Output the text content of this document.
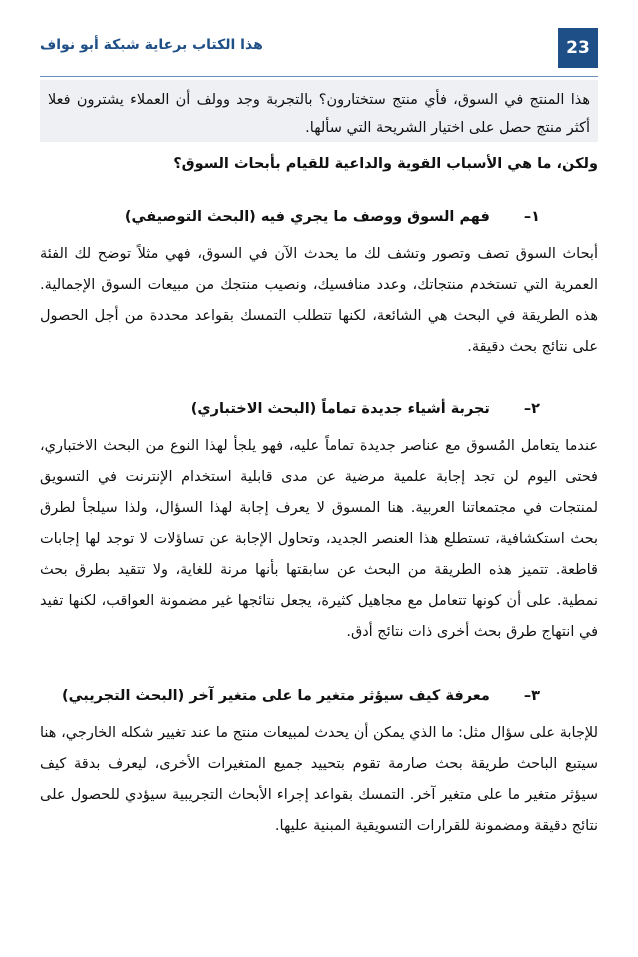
23
هذا الكتاب برعاية شبكة أبو نواف

هذا المنتج في السوق، فأي منتج ستختارون؟ بالتجربة وجد وولف أن العملاء يشترون فعلا أكثر منتج حصل على اختيار الشريحة التي سألها.

ولكن، ما هي الأسباب القوية والداعية للقيام بأبحاث السوق؟

١–
فهم السوق ووصف ما يجري فيه (البحث التوصيفي)

أبحاث السوق تصف وتصور وتشف لك ما يحدث الآن في السوق، فهي مثلاً توضح لك الفئة العمرية التي تستخدم منتجاتك، وعدد منافسيك، ونصيب منتجك من مبيعات السوق الإجمالية. هذه الطريقة في البحث هي الشائعة، لكنها تتطلب التمسك بقواعد محددة من أجل الحصول على نتائج بحث دقيقة.

٢–
تجربة أشياء جديدة تماماً (البحث الاختباري)

عندما يتعامل المُسوق مع عناصر جديدة تماماً عليه، فهو يلجأ لهذا النوع من البحث الاختباري، فحتى اليوم لن تجد إجابة علمية مرضية عن مدى قابلية استخدام الإنترنت في التسويق لمنتجات في مجتمعاتنا العربية. هنا المسوق لا يعرف إجابة لهذا السؤال، ولذا سيلجأ لطرق بحث استكشافية، تستطلع هذا العنصر الجديد، وتحاول الإجابة عن تساؤلات لا توجد لها إجابات قاطعة. تتميز هذه الطريقة من البحث عن سابقتها بأنها مرنة للغاية، ولا تتقيد بطرق بحث نمطية. على أن كونها تتعامل مع مجاهيل كثيرة، يجعل نتائجها غير مضمونة العواقب، لكنها تفيد في انتهاج طرق بحث أخرى ذات نتائج أدق.

٣–
معرفة كيف سيؤثر متغير ما على متغير آخر (البحث التجريبي)

للإجابة على سؤال مثل: ما الذي يمكن أن يحدث لمبيعات منتج ما عند تغيير شكله الخارجي، هنا سيتبع الباحث طريقة بحث صارمة تقوم بتحييد جميع المتغيرات الأخرى، ليعرف بدقة كيف سيؤثر متغير ما على متغير آخر. التمسك بقواعد إجراء الأبحاث التجريبية سيؤدي للحصول على نتائج دقيقة ومضمونة للقرارات التسويقية المبنية عليها.
